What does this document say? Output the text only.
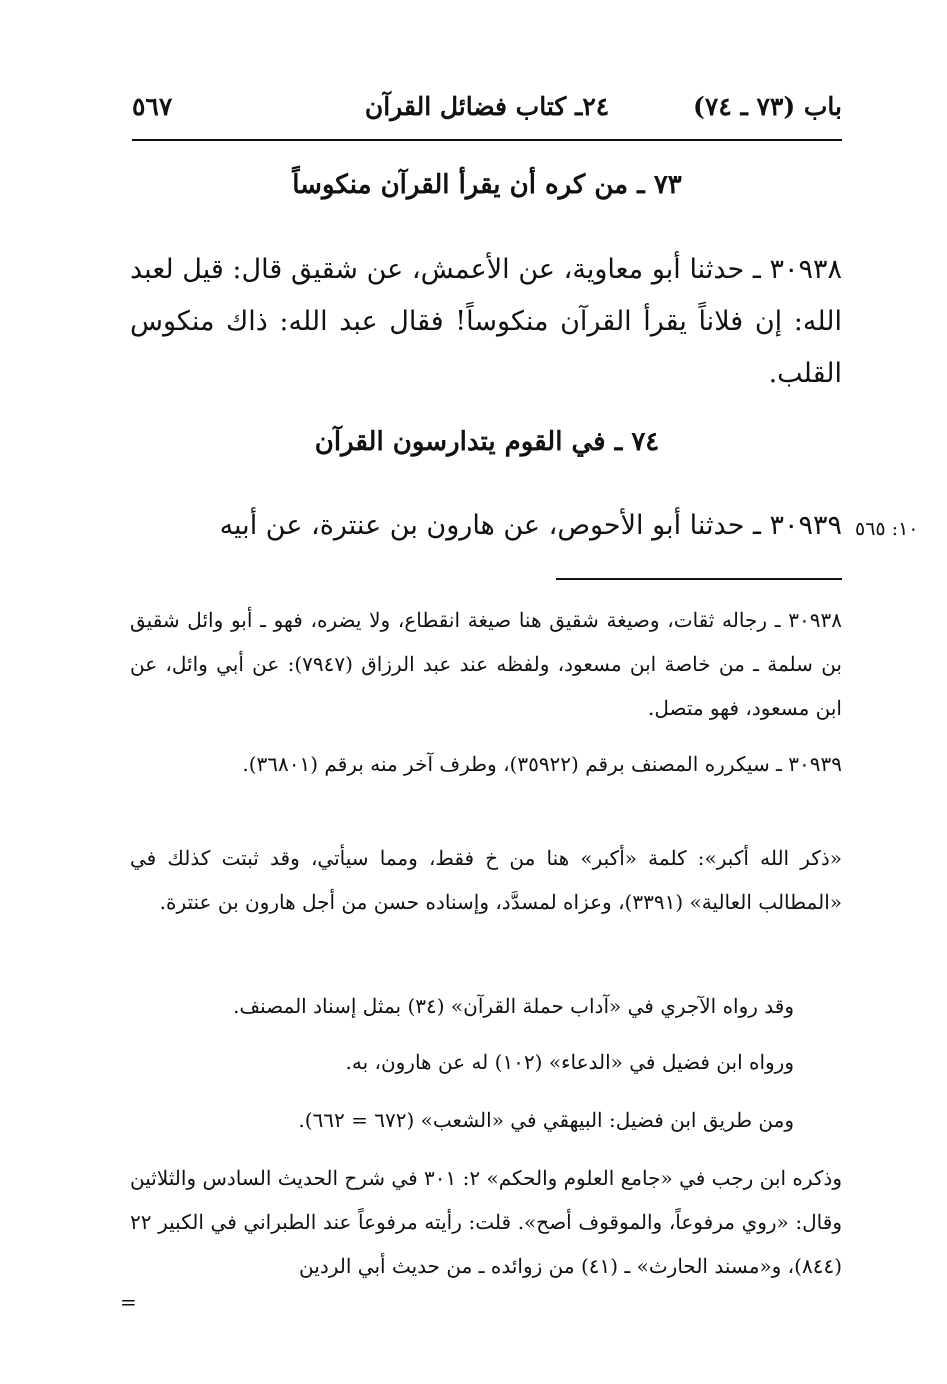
باب (٧٣ ـ ٧٤)
٢٤ـ كتاب فضائل القرآن
٥٦٧
٧٣ ـ من كره أن يقرأ القرآن منكوساً
٣٠٩٣٨ ـ حدثنا أبو معاوية، عن الأعمش، عن شقيق قال: قيل لعبد الله: إن فلاناً يقرأ القرآن منكوساً! فقال عبد الله: ذاك منكوس القلب.
٧٤ ـ في القوم يتدارسون القرآن
٣٠٩٣٩ ـ حدثنا أبو الأحوص، عن هارون بن عنترة، عن أبيه ١٠: ٥٦٥
٣٠٩٣٨ ـ رجاله ثقات، وصيغة شقيق هنا صيغة انقطاع، ولا يضره، فهو ـ أبو وائل شقيق بن سلمة ـ من خاصة ابن مسعود، ولفظه عند عبد الرزاق (٧٩٤٧): عن أبي وائل، عن ابن مسعود، فهو متصل.
٣٠٩٣٩ ـ سيكرره المصنف برقم (٣٥٩٢٢)، وطرف آخر منه برقم (٣٦٨٠١).
«ذكر الله أكبر»: كلمة «أكبر» هنا من خ فقط، ومما سيأتي، وقد ثبتت كذلك في «المطالب العالية» (٣٣٩١)، وعزاه لمسدَّد، وإسناده حسن من أجل هارون بن عنترة.
وقد رواه الآجري في «آداب حملة القرآن» (٣٤) بمثل إسناد المصنف.
ورواه ابن فضيل في «الدعاء» (١٠٢) له عن هارون، به.
ومن طريق ابن فضيل: البيهقي في «الشعب» (٦٧٢ = ٦٦٢).
وذكره ابن رجب في «جامع العلوم والحكم» ٢: ٣٠١ في شرح الحديث السادس والثلاثين وقال: «روي مرفوعاً، والموقوف أصح». قلت: رأيته مرفوعاً عند الطبراني في الكبير ٢٢ (٨٤٤)، و«مسند الحارث» ـ (٤١) من زوائده ـ من حديث أبي الردين
=
